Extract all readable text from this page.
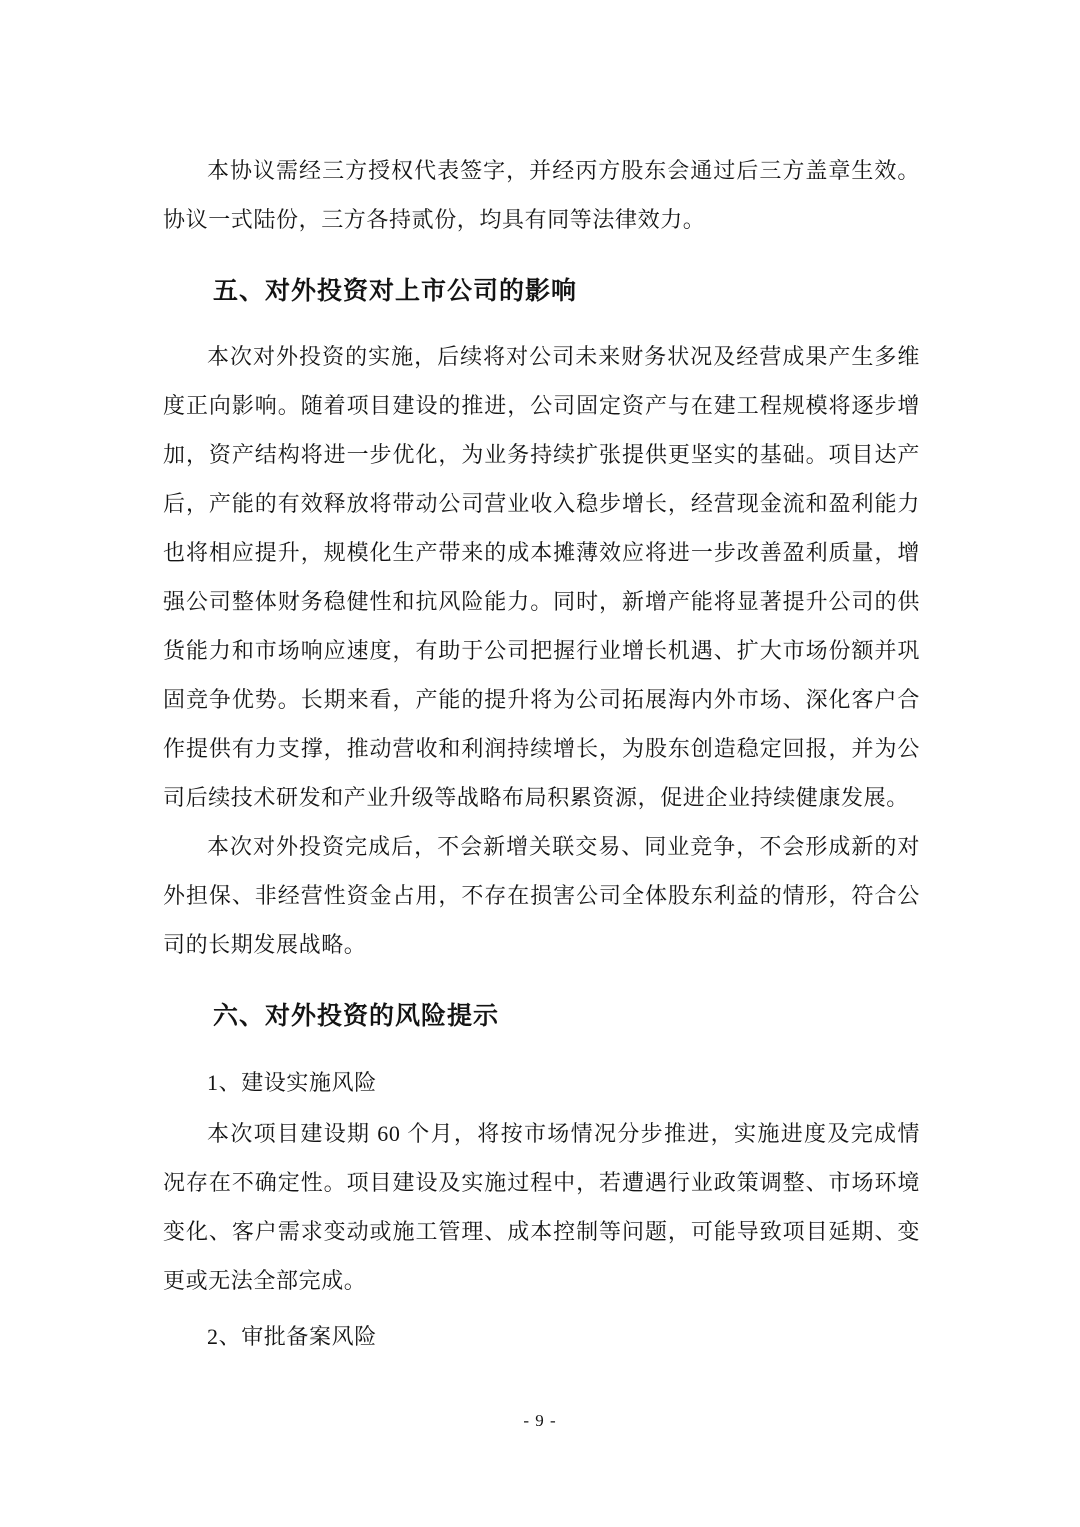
本协议需经三方授权代表签字，并经丙方股东会通过后三方盖章生效。协议一式陆份，三方各持贰份，均具有同等法律效力。

五、对外投资对上市公司的影响

本次对外投资的实施，后续将对公司未来财务状况及经营成果产生多维度正向影响。随着项目建设的推进，公司固定资产与在建工程规模将逐步增加，资产结构将进一步优化，为业务持续扩张提供更坚实的基础。项目达产后，产能的有效释放将带动公司营业收入稳步增长，经营现金流和盈利能力也将相应提升，规模化生产带来的成本摊薄效应将进一步改善盈利质量，增强公司整体财务稳健性和抗风险能力。同时，新增产能将显著提升公司的供货能力和市场响应速度，有助于公司把握行业增长机遇、扩大市场份额并巩固竞争优势。长期来看，产能的提升将为公司拓展海内外市场、深化客户合作提供有力支撑，推动营收和利润持续增长，为股东创造稳定回报，并为公司后续技术研发和产业升级等战略布局积累资源，促进企业持续健康发展。

本次对外投资完成后，不会新增关联交易、同业竞争，不会形成新的对外担保、非经营性资金占用，不存在损害公司全体股东利益的情形，符合公司的长期发展战略。

六、对外投资的风险提示

1、建设实施风险

本次项目建设期 60 个月，将按市场情况分步推进，实施进度及完成情况存在不确定性。项目建设及实施过程中，若遭遇行业政策调整、市场环境变化、客户需求变动或施工管理、成本控制等问题，可能导致项目延期、变更或无法全部完成。

2、审批备案风险

- 9 -
